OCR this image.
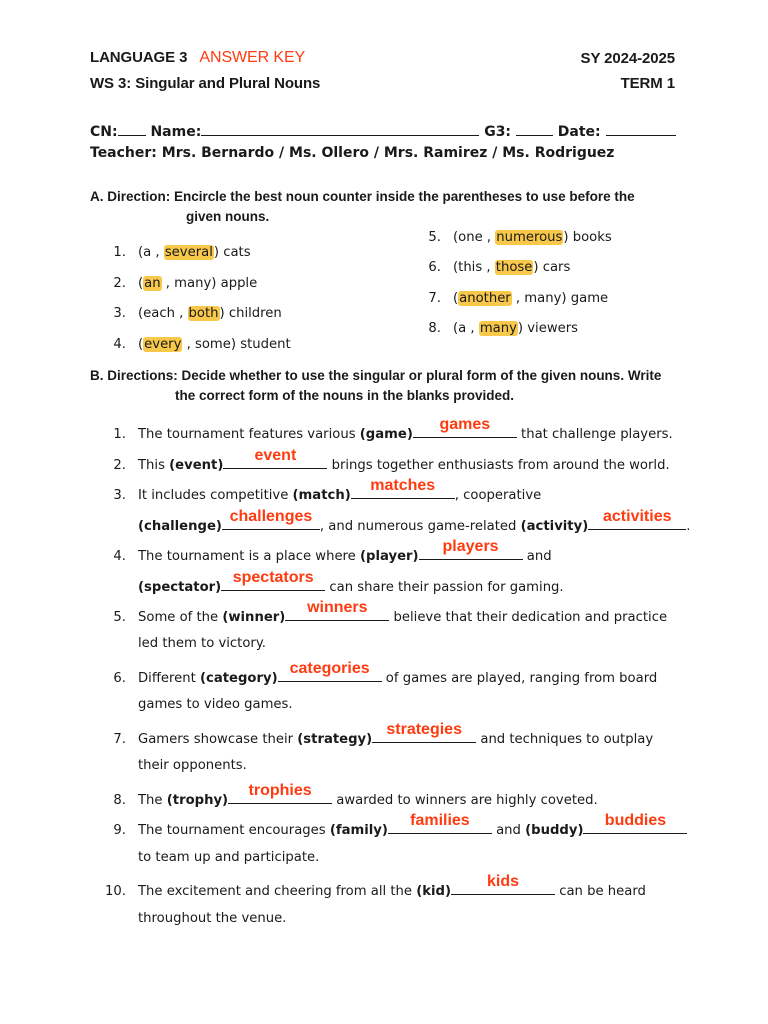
LANGUAGE 3 ANSWER KEY	SY 2024-2025
WS 3: Singular and Plural Nouns	TERM 1
CN: Name:	G3:	Date:
Teacher: Mrs. Bernardo / Ms. Ollero / Mrs. Ramirez / Ms. Rodriguez
A. Direction: Encircle the best noun counter inside the parentheses to use before the
given nouns.
1. (a , several) cats
2. (an , many) apple
3. (each , both) children
4. (every , some) student
5. (one , numerous) books
6. (this , those) cars
7. (another , many) game
8. (a , many) viewers
B. Directions: Decide whether to use the singular or plural form of the given nouns. Write
the correct form of the nouns in the blanks provided.
1. The tournament features various (game)
games
that challenge players.
2. This (event)
event
brings together enthusiasts from around the world.
3. It includes competitive (match)
matches
, cooperative
(challenge)
challenges
, and numerous game-related (activity)
activities
.
4. The tournament is a place where (player)
players
and
(spectator)
spectators
can share their passion for gaming.
5. Some of the (winner)
winners
believe that their dedication and practice
led them to victory.
6. Different (category)
categories
of games are played, ranging from board
games to video games.
7. Gamers showcase their (strategy)
strategies
and techniques to outplay
their opponents.
8. The (trophy)
trophies
awarded to winners are highly coveted.
9. The tournament encourages (family)
families
and (buddy)
buddies
to team up and participate.
10. The excitement and cheering from all the (kid)
kids
can be heard
throughout the venue.
